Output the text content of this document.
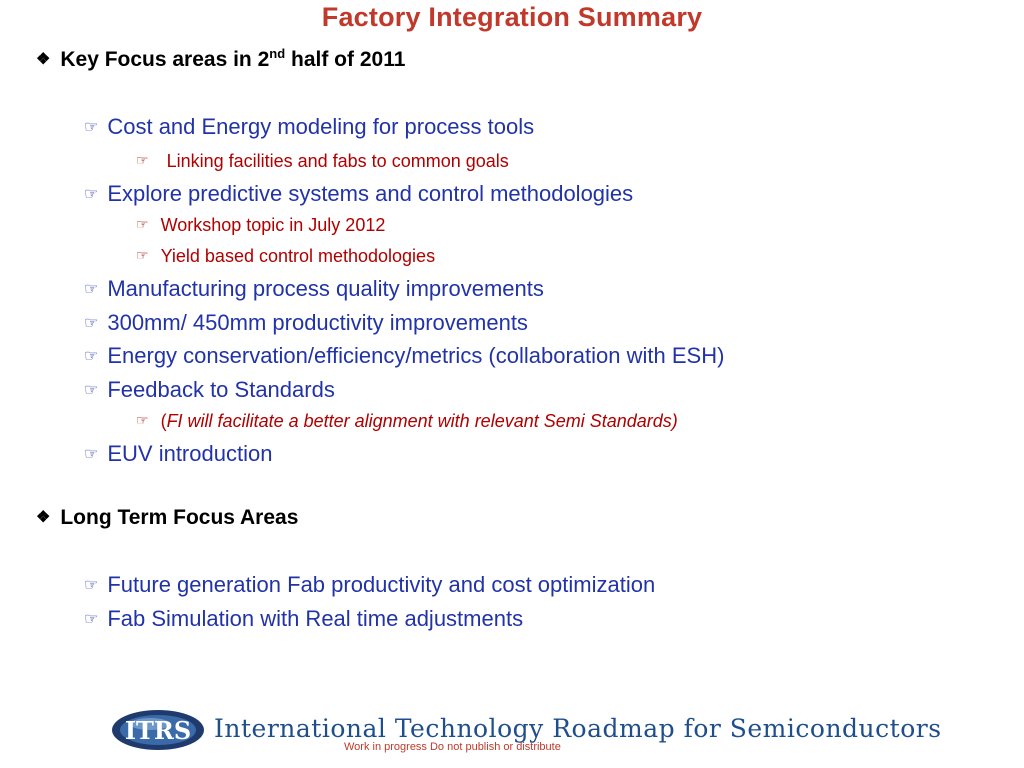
Factory Integration Summary
❖ Key Focus areas in 2nd half of 2011
☞ Cost and Energy modeling for process tools
☞ Linking facilities and fabs to common goals
☞ Explore predictive systems and control methodologies
☞ Workshop topic in July 2012
☞ Yield based control methodologies
☞ Manufacturing process quality improvements
☞ 300mm/ 450mm productivity improvements
☞ Energy conservation/efficiency/metrics (collaboration with ESH)
☞ Feedback to Standards
☞ (FI will facilitate a better alignment with relevant Semi Standards)
☞ EUV introduction
❖ Long Term Focus Areas
☞ Future generation Fab productivity and cost optimization
☞ Fab Simulation with Real time adjustments
ITRS International Technology Roadmap for Semiconductors
Work in progress Do not publish or distribute
